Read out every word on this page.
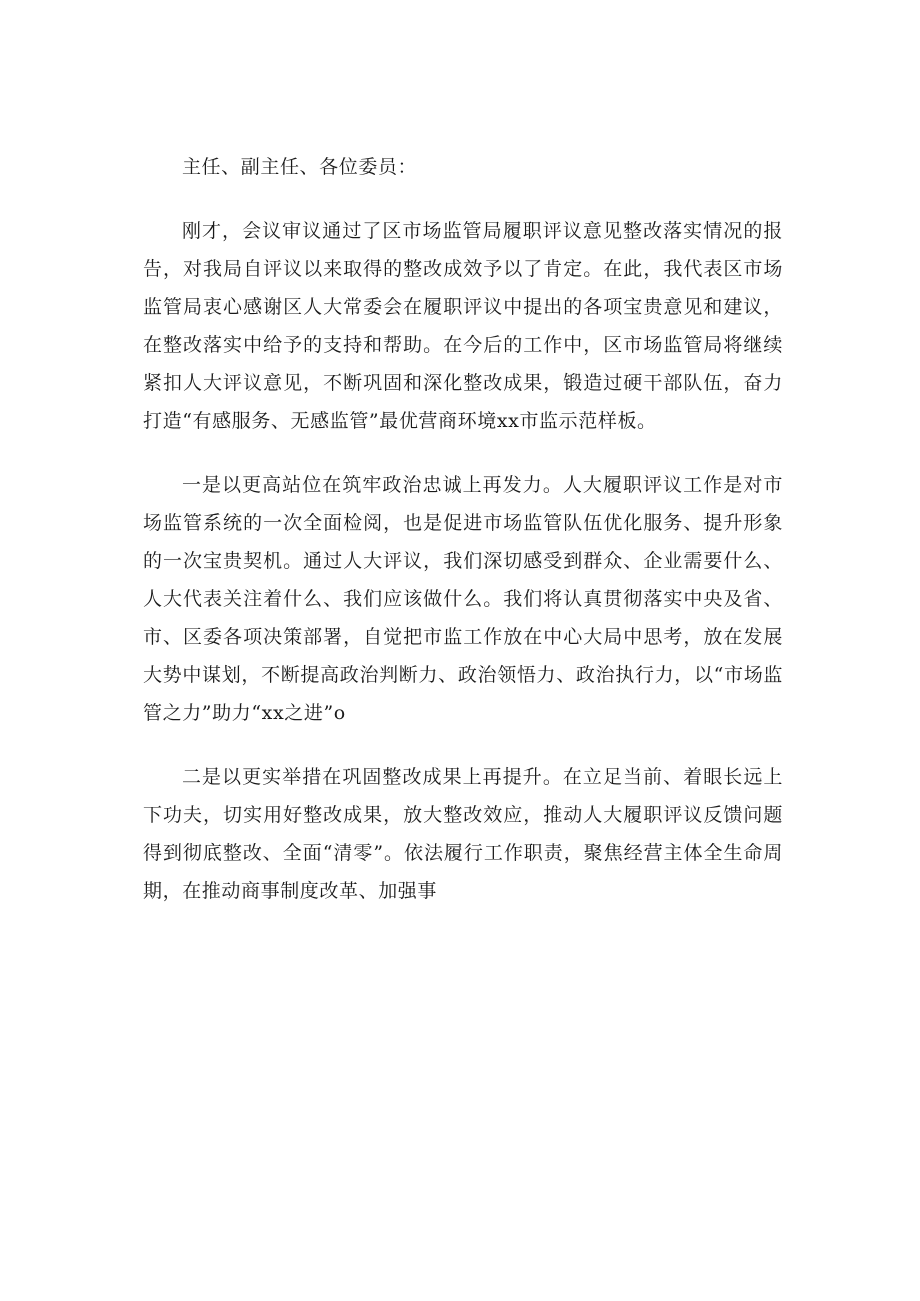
主任、副主任、各位委员：

刚才，会议审议通过了区市场监管局履职评议意见整改落实情况的报告，对我局自评议以来取得的整改成效予以了肯定。在此，我代表区市场监管局衷心感谢区人大常委会在履职评议中提出的各项宝贵意见和建议，在整改落实中给予的支持和帮助。在今后的工作中，区市场监管局将继续紧扣人大评议意见，不断巩固和深化整改成果，锻造过硬干部队伍，奋力打造“有感服务、无感监管”最优营商环境xx市监示范样板。

一是以更高站位在筑牢政治忠诚上再发力。人大履职评议工作是对市场监管系统的一次全面检阅，也是促进市场监管队伍优化服务、提升形象的一次宝贵契机。通过人大评议，我们深切感受到群众、企业需要什么、人大代表关注着什么、我们应该做什么。我们将认真贯彻落实中央及省、市、区委各项决策部署，自觉把市监工作放在中心大局中思考，放在发展大势中谋划，不断提高政治判断力、政治领悟力、政治执行力，以“市场监管之力”助力“xx之进”o

二是以更实举措在巩固整改成果上再提升。在立足当前、着眼长远上下功夫，切实用好整改成果，放大整改效应，推动人大履职评议反馈问题得到彻底整改、全面“清零”。依法履行工作职责，聚焦经营主体全生命周期，在推动商事制度改革、加强事
